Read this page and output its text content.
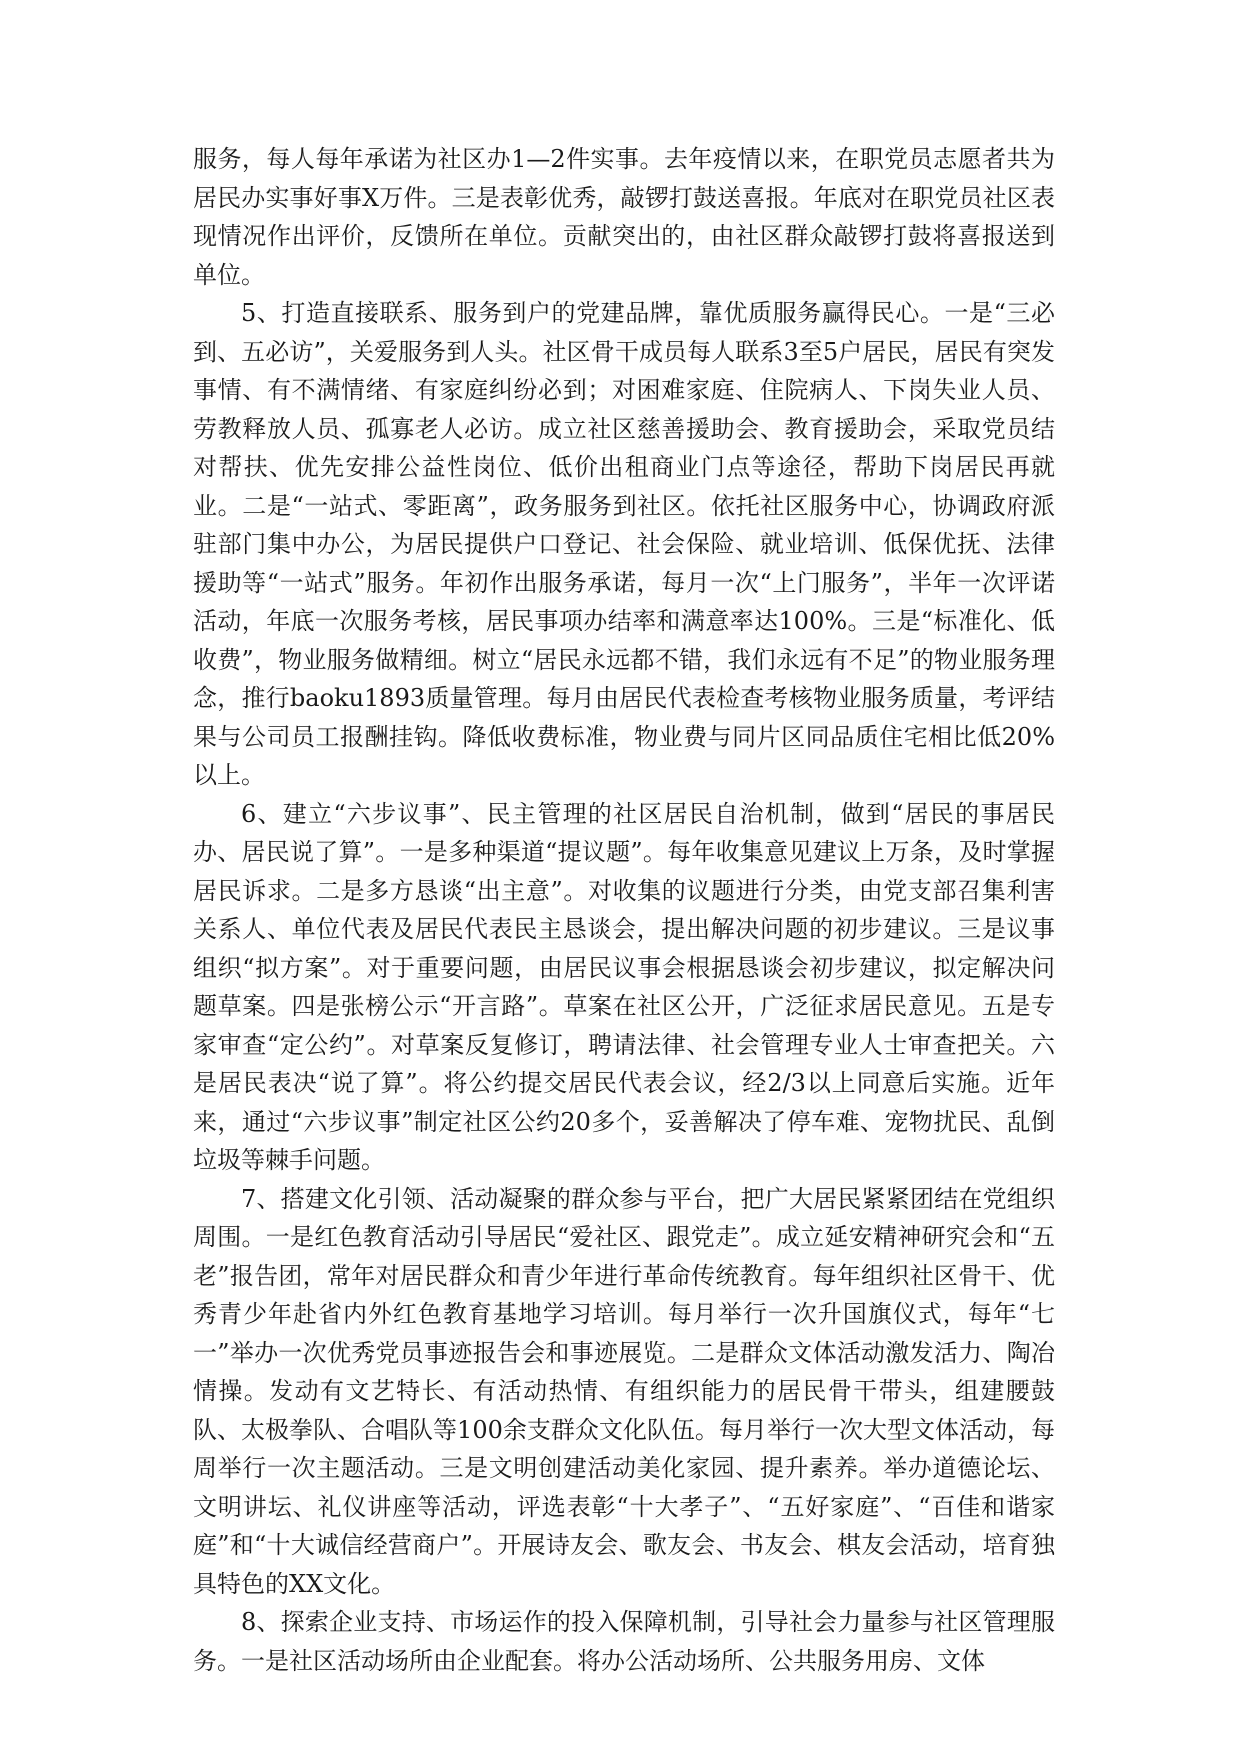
服务，每人每年承诺为社区办1—2件实事。去年疫情以来，在职党员志愿者共为居民办实事好事X万件。三是表彰优秀，敲锣打鼓送喜报。年底对在职党员社区表现情况作出评价，反馈所在单位。贡献突出的，由社区群众敲锣打鼓将喜报送到单位。

5、打造直接联系、服务到户的党建品牌，靠优质服务赢得民心。一是“三必到、五必访”，关爱服务到人头。社区骨干成员每人联系3至5户居民，居民有突发事情、有不满情绪、有家庭纠纷必到；对困难家庭、住院病人、下岗失业人员、劳教释放人员、孤寡老人必访。成立社区慈善援助会、教育援助会，采取党员结对帮扶、优先安排公益性岗位、低价出租商业门点等途径，帮助下岗居民再就业。二是“一站式、零距离”，政务服务到社区。依托社区服务中心，协调政府派驻部门集中办公，为居民提供户口登记、社会保险、就业培训、低保优抚、法律援助等“一站式”服务。年初作出服务承诺，每月一次“上门服务”，半年一次评诺活动，年底一次服务考核，居民事项办结率和满意率达100%。三是“标准化、低收费”，物业服务做精细。树立“居民永远都不错，我们永远有不足”的物业服务理念，推行baoku1893质量管理。每月由居民代表检查考核物业服务质量，考评结果与公司员工报酬挂钩。降低收费标准，物业费与同片区同品质住宅相比低20%以上。

6、建立“六步议事”、民主管理的社区居民自治机制，做到“居民的事居民办、居民说了算”。一是多种渠道“提议题”。每年收集意见建议上万条，及时掌握居民诉求。二是多方恳谈“出主意”。对收集的议题进行分类，由党支部召集利害关系人、单位代表及居民代表民主恳谈会，提出解决问题的初步建议。三是议事组织“拟方案”。对于重要问题，由居民议事会根据恳谈会初步建议，拟定解决问题草案。四是张榜公示“开言路”。草案在社区公开，广泛征求居民意见。五是专家审查“定公约”。对草案反复修订，聘请法律、社会管理专业人士审查把关。六是居民表决“说了算”。将公约提交居民代表会议，经2/3以上同意后实施。近年来，通过“六步议事”制定社区公约20多个，妥善解决了停车难、宠物扰民、乱倒垃圾等棘手问题。

7、搭建文化引领、活动凝聚的群众参与平台，把广大居民紧紧团结在党组织周围。一是红色教育活动引导居民“爱社区、跟党走”。成立延安精神研究会和“五老”报告团，常年对居民群众和青少年进行革命传统教育。每年组织社区骨干、优秀青少年赴省内外红色教育基地学习培训。每月举行一次升国旗仪式，每年“七一”举办一次优秀党员事迹报告会和事迹展览。二是群众文体活动激发活力、陶冶情操。发动有文艺特长、有活动热情、有组织能力的居民骨干带头，组建腰鼓队、太极拳队、合唱队等100余支群众文化队伍。每月举行一次大型文体活动，每周举行一次主题活动。三是文明创建活动美化家园、提升素养。举办道德论坛、文明讲坛、礼仪讲座等活动，评选表彰“十大孝子”、“五好家庭”、“百佳和谐家庭”和“十大诚信经营商户”。开展诗友会、歌友会、书友会、棋友会活动，培育独具特色的XX文化。

8、探索企业支持、市场运作的投入保障机制，引导社会力量参与社区管理服务。一是社区活动场所由企业配套。将办公活动场所、公共服务用房、文体
